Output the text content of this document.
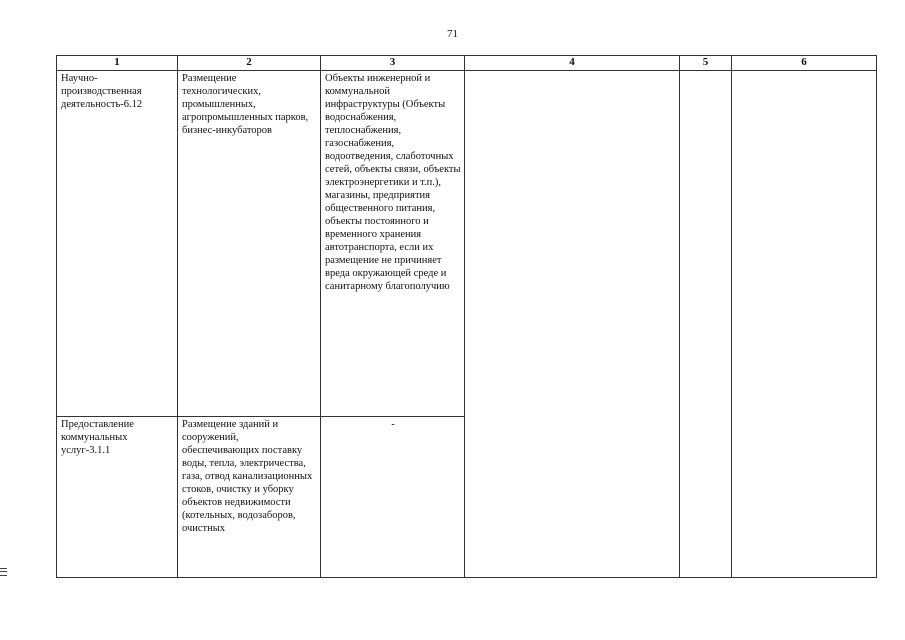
71
1	2	3	4	5	6

Научно-производственная деятельность-6.12	Размещение технологических, промышленных, агропромышленных парков, бизнес-инкубаторов	Объекты инженерной и коммунальной инфраструктуры (Объекты водоснабжения, теплоснабжения, газоснабжения, водоотведения, слаботочных сетей, объекты связи, объекты электроэнергетики и т.п.), магазины, предприятия общественного питания, объекты постоянного и временного хранения автотранспорта, если их размещение не причиняет вреда окружающей среде и санитарному благополучию			

Предоставление коммунальных услуг-3.1.1	Размещение зданий и сооружений, обеспечивающих поставку воды, тепла, электричества, газа, отвод канализационных стоков, очистку и уборку объектов недвижимости (котельных, водозаборов, очистных	-			
